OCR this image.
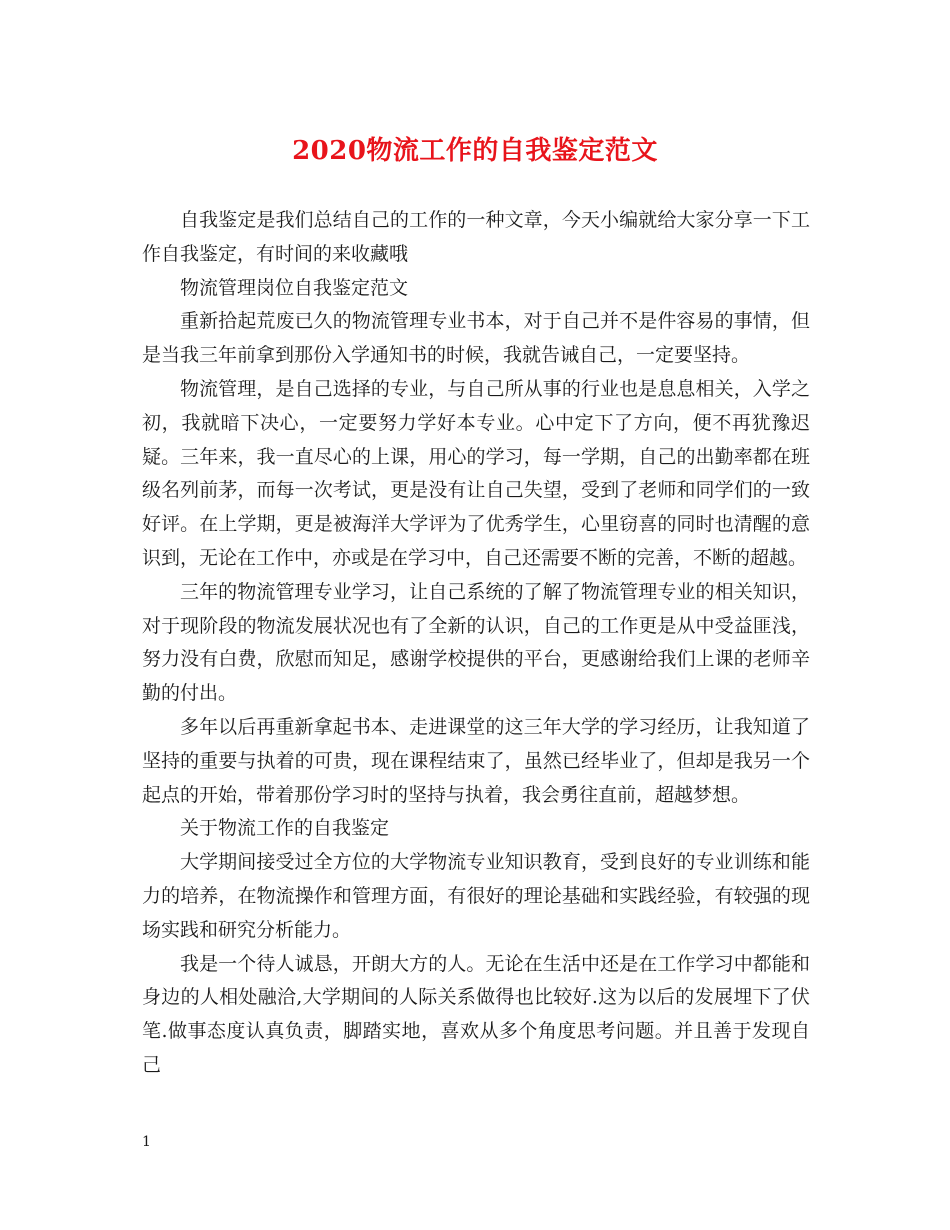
2020物流工作的自我鉴定范文

自我鉴定是我们总结自己的工作的一种文章，今天小编就给大家分享一下工作自我鉴定，有时间的来收藏哦

物流管理岗位自我鉴定范文

重新拾起荒废已久的物流管理专业书本，对于自己并不是件容易的事情，但是当我三年前拿到那份入学通知书的时候，我就告诫自己，一定要坚持。

物流管理，是自己选择的专业，与自己所从事的行业也是息息相关，入学之初，我就暗下决心，一定要努力学好本专业。心中定下了方向，便不再犹豫迟疑。三年来，我一直尽心的上课，用心的学习，每一学期，自己的出勤率都在班级名列前茅，而每一次考试，更是没有让自己失望，受到了老师和同学们的一致好评。在上学期，更是被海洋大学评为了优秀学生，心里窃喜的同时也清醒的意识到，无论在工作中，亦或是在学习中，自己还需要不断的完善，不断的超越。

三年的物流管理专业学习，让自己系统的了解了物流管理专业的相关知识，对于现阶段的物流发展状况也有了全新的认识，自己的工作更是从中受益匪浅，努力没有白费，欣慰而知足，感谢学校提供的平台，更感谢给我们上课的老师辛勤的付出。

多年以后再重新拿起书本、走进课堂的这三年大学的学习经历，让我知道了坚持的重要与执着的可贵，现在课程结束了，虽然已经毕业了，但却是我另一个起点的开始，带着那份学习时的坚持与执着，我会勇往直前，超越梦想。

关于物流工作的自我鉴定

大学期间接受过全方位的大学物流专业知识教育，受到良好的专业训练和能力的培养，在物流操作和管理方面，有很好的理论基础和实践经验，有较强的现场实践和研究分析能力。

我是一个待人诚恳，开朗大方的人。无论在生活中还是在工作学习中都能和身边的人相处融洽,大学期间的人际关系做得也比较好.这为以后的发展埋下了伏笔.做事态度认真负责，脚踏实地，喜欢从多个角度思考问题。并且善于发现自己

1
